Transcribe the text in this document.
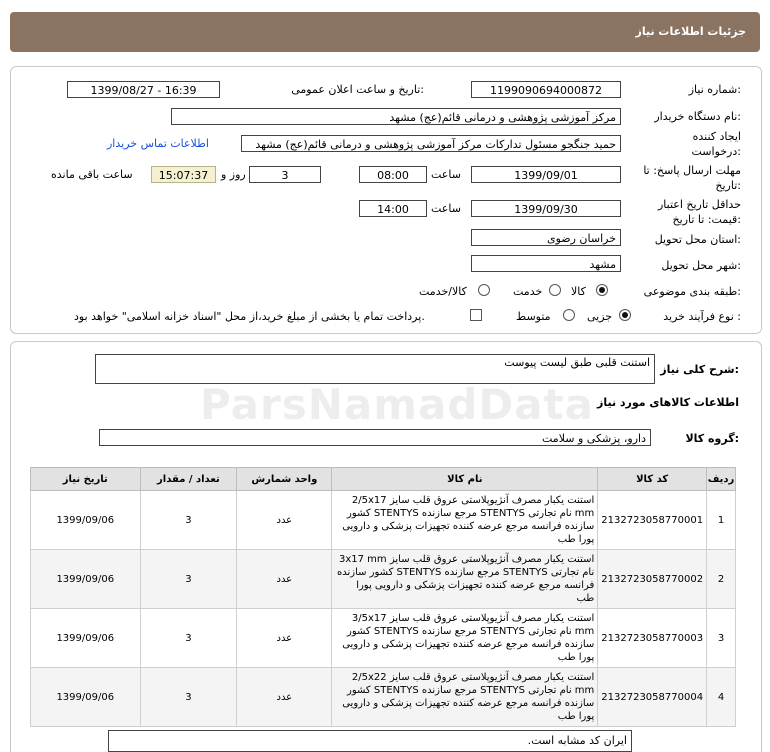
جزئیات اطلاعات نیاز
شماره نیاز:
1199090694000872
تاریخ و ساعت اعلان عمومی:
1399/08/27 - 16:39
نام دستگاه خریدار:
مرکز آموزشی پژوهشی و درمانی قائم(عج) مشهد
ایجاد کننده درخواست:
حمید جنگجو مسئول تدارکات مرکز آموزشی پژوهشی و درمانی قائم(عج) مشهد
اطلاعات تماس خریدار
مهلت ارسال پاسخ: تا تاریخ:
1399/09/01
ساعت
08:00
3
روز و
15:07:37
ساعت باقی مانده
حداقل تاریخ اعتبار قیمت: تا تاریخ:
1399/09/30
ساعت
14:00
استان محل تحویل:
خراسان رضوی
شهر محل تحویل:
مشهد
طبقه بندی موضوعی:
کالا
خدمت
کالا/خدمت
نوع فرآیند خرید :
جزیی
متوسط
پرداخت تمام یا بخشی از مبلغ خرید،از محل "اسناد خزانه اسلامی" خواهد بود.
شرح کلی نیاز:
استنت قلبی طبق لیست پیوست
اطلاعات کالاهای مورد نیاز
گروه کالا:
دارو، پزشکی و سلامت
ردیف	کد کالا	نام کالا	واحد شمارش	تعداد / مقدار	تاریخ نیاز
1	2132723058770001	استنت یکبار مصرف آنژیوپلاستی عروق قلب سایز 2/5x17 mm نام تجارتی STENTYS مرجع سازنده STENTYS کشور سازنده فرانسه مرجع عرضه کننده تجهیزات پزشکی و دارویی پورا طب	عدد	3	1399/09/06
2	2132723058770002	استنت یکبار مصرف آنژیوپلاستی عروق قلب سایز 3x17 mm نام تجارتی STENTYS مرجع سازنده STENTYS کشور سازنده فرانسه مرجع عرضه کننده تجهیزات پزشکی و دارویی پورا طب	عدد	3	1399/09/06
3	2132723058770003	استنت یکبار مصرف آنژیوپلاستی عروق قلب سایز 3/5x17 mm نام تجارتی STENTYS مرجع سازنده STENTYS کشور سازنده فرانسه مرجع عرضه کننده تجهیزات پزشکی و دارویی پورا طب	عدد	3	1399/09/06
4	2132723058770004	استنت یکبار مصرف آنژیوپلاستی عروق قلب سایز 2/5x22 mm نام تجارتی STENTYS مرجع سازنده STENTYS کشور سازنده فرانسه مرجع عرضه کننده تجهیزات پزشکی و دارویی پورا طب	عدد	3	1399/09/06
ایران کد مشابه است.
